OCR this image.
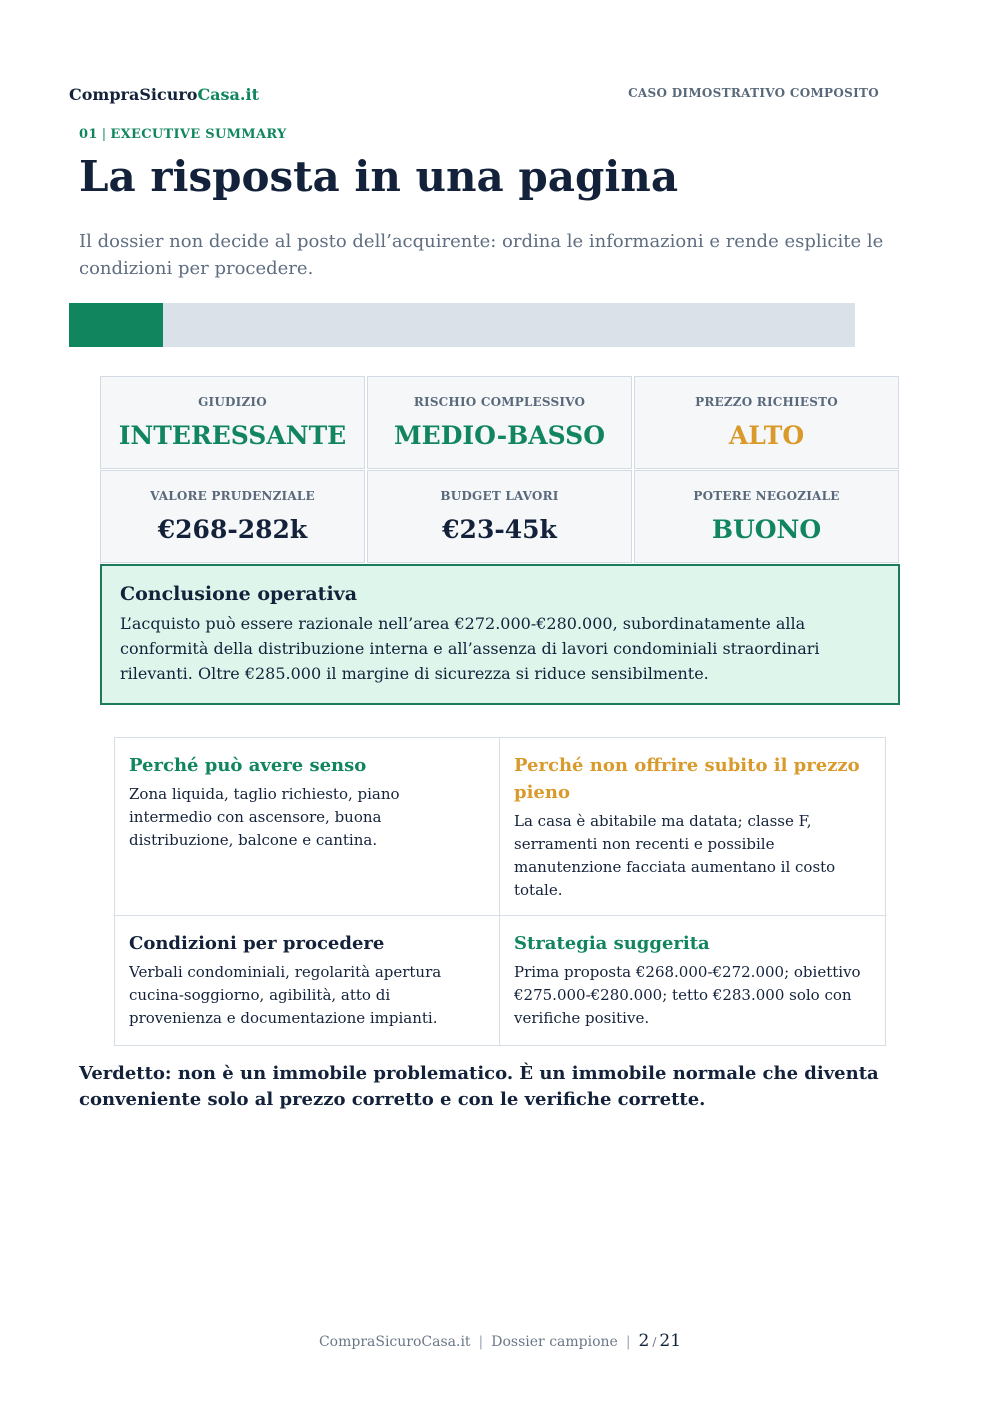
CompraSicuroCasa.it	CASO DIMOSTRATIVO COMPOSITO
01 | EXECUTIVE SUMMARY
La risposta in una pagina

Il dossier non decide al posto dell’acquirente: ordina le informazioni e rende esplicite le condizioni per procedere.

GIUDIZIO
INTERESSANTE
RISCHIO COMPLESSIVO
MEDIO-BASSO
PREZZO RICHIESTO
ALTO
VALORE PRUDENZIALE
€268-282k
BUDGET LAVORI
€23-45k
POTERE NEGOZIALE
BUONO
Conclusione operativa

L’acquisto può essere razionale nell’area €272.000-€280.000, subordinatamente alla conformità della distribuzione interna e all’assenza di lavori condominiali straordinari rilevanti. Oltre €285.000 il margine di sicurezza si riduce sensibilmente.

Perché può avere senso

Zona liquida, taglio richiesto, piano intermedio con ascensore, buona distribuzione, balcone e cantina.

Perché non offrire subito il prezzo pieno

La casa è abitabile ma datata; classe F, serramenti non recenti e possibile manutenzione facciata aumentano il costo totale.

Condizioni per procedere

Verbali condominiali, regolarità apertura cucina-soggiorno, agibilità, atto di provenienza e documentazione impianti.

Strategia suggerita

Prima proposta €268.000-€272.000; obiettivo €275.000-€280.000; tetto €283.000 solo con verifiche positive.

Verdetto: non è un immobile problematico. È un immobile normale che diventa conveniente solo al prezzo corretto e con le verifiche corrette.

CompraSicuroCasa.it | Dossier campione | 2 / 21
